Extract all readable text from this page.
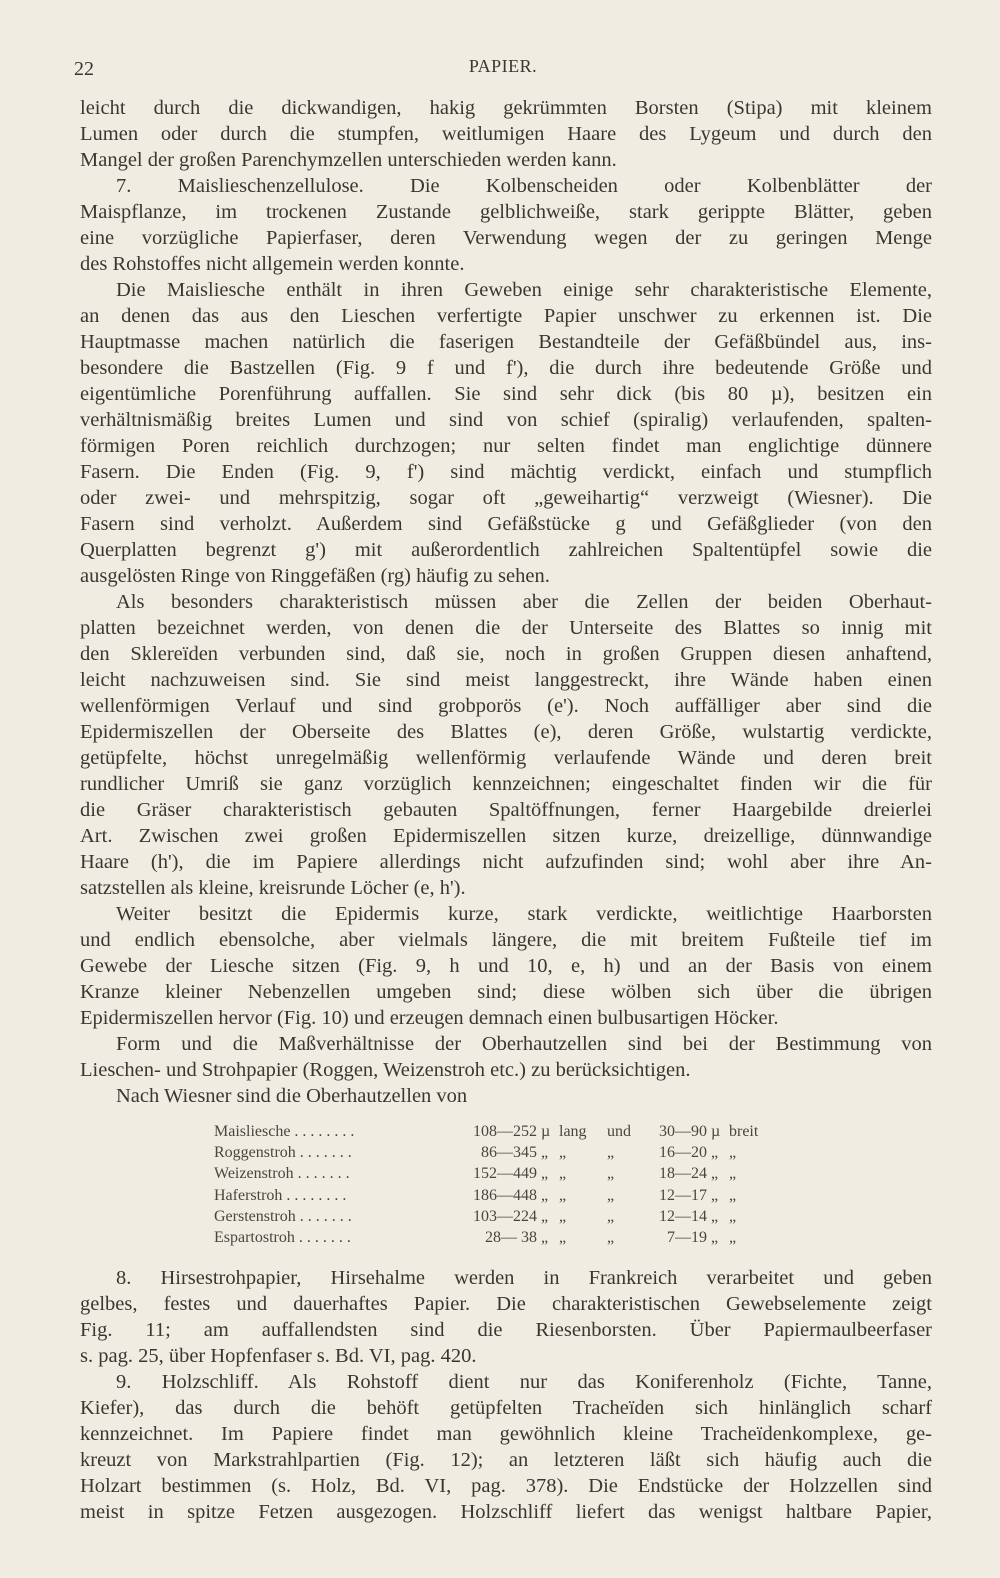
22	PAPIER.
leicht durch die dickwandigen, hakig gekrümmten Borsten (Stipa) mit kleinem
Lumen oder durch die stumpfen, weitlumigen Haare des Lygeum und durch den
Mangel der großen Parenchymzellen unterschieden werden kann.
7. Maislieschenzellulose. Die Kolbenscheiden oder Kolbenblätter der
Maispflanze, im trockenen Zustande gelblichweiße, stark gerippte Blätter, geben
eine vorzügliche Papierfaser, deren Verwendung wegen der zu geringen Menge
des Rohstoffes nicht allgemein werden konnte.
Die Maisliesche enthält in ihren Geweben einige sehr charakteristische Elemente,
an denen das aus den Lieschen verfertigte Papier unschwer zu erkennen ist. Die
Hauptmasse machen natürlich die faserigen Bestandteile der Gefäßbündel aus, ins-
besondere die Bastzellen (Fig. 9 f und f'), die durch ihre bedeutende Größe und
eigentümliche Porenführung auffallen. Sie sind sehr dick (bis 80 µ), besitzen ein
verhältnismäßig breites Lumen und sind von schief (spiralig) verlaufenden, spalten-
förmigen Poren reichlich durchzogen; nur selten findet man englichtige dünnere
Fasern. Die Enden (Fig. 9, f') sind mächtig verdickt, einfach und stumpflich
oder zwei- und mehrspitzig, sogar oft „geweihartig“ verzweigt (Wiesner). Die
Fasern sind verholzt. Außerdem sind Gefäßstücke g und Gefäßglieder (von den
Querplatten begrenzt g') mit außerordentlich zahlreichen Spaltentüpfel sowie die
ausgelösten Ringe von Ringgefäßen (rg) häufig zu sehen.
Als besonders charakteristisch müssen aber die Zellen der beiden Oberhaut-
platten bezeichnet werden, von denen die der Unterseite des Blattes so innig mit
den Sklereïden verbunden sind, daß sie, noch in großen Gruppen diesen anhaftend,
leicht nachzuweisen sind. Sie sind meist langgestreckt, ihre Wände haben einen
wellenförmigen Verlauf und sind grobporös (e'). Noch auffälliger aber sind die
Epidermiszellen der Oberseite des Blattes (e), deren Größe, wulstartig verdickte,
getüpfelte, höchst unregelmäßig wellenförmig verlaufende Wände und deren breit
rundlicher Umriß sie ganz vorzüglich kennzeichnen; eingeschaltet finden wir die für
die Gräser charakteristisch gebauten Spaltöffnungen, ferner Haargebilde dreierlei
Art. Zwischen zwei großen Epidermiszellen sitzen kurze, dreizellige, dünnwandige
Haare (h'), die im Papiere allerdings nicht aufzufinden sind; wohl aber ihre An-
satzstellen als kleine, kreisrunde Löcher (e, h').
Weiter besitzt die Epidermis kurze, stark verdickte, weitlichtige Haarborsten
und endlich ebensolche, aber vielmals längere, die mit breitem Fußteile tief im
Gewebe der Liesche sitzen (Fig. 9, h und 10, e, h) und an der Basis von einem
Kranze kleiner Nebenzellen umgeben sind; diese wölben sich über die übrigen
Epidermiszellen hervor (Fig. 10) und erzeugen demnach einen bulbusartigen Höcker.
Form und die Maßverhältnisse der Oberhautzellen sind bei der Bestimmung von
Lieschen- und Strohpapier (Roggen, Weizenstroh etc.) zu berücksichtigen.
Nach Wiesner sind die Oberhautzellen von
Maisliesche . . . . . . . .	108—252	µ	lang	und	30—90	µ	breit
Roggenstroh . . . . . . .	86—345	„	„	„	16—20	„	„
Weizenstroh . . . . . . .	152—449	„	„	„	18—24	„	„
Haferstroh . . . . . . . .	186—448	„	„	„	12—17	„	„
Gerstenstroh . . . . . . .	103—224	„	„	„	12—14	„	„
Espartostroh . . . . . . .	28— 38	„	„	„	7—19	„	„
8. Hirsestrohpapier, Hirsehalme werden in Frankreich verarbeitet und geben
gelbes, festes und dauerhaftes Papier. Die charakteristischen Gewebselemente zeigt
Fig. 11; am auffallendsten sind die Riesenborsten. Über Papiermaulbeerfaser
s. pag. 25, über Hopfenfaser s. Bd. VI, pag. 420.
9. Holzschliff. Als Rohstoff dient nur das Koniferenholz (Fichte, Tanne,
Kiefer), das durch die behöft getüpfelten Tracheïden sich hinlänglich scharf
kennzeichnet. Im Papiere findet man gewöhnlich kleine Tracheïdenkomplexe, ge-
kreuzt von Markstrahlpartien (Fig. 12); an letzteren läßt sich häufig auch die
Holzart bestimmen (s. Holz, Bd. VI, pag. 378). Die Endstücke der Holzzellen sind
meist in spitze Fetzen ausgezogen. Holzschliff liefert das wenigst haltbare Papier,
